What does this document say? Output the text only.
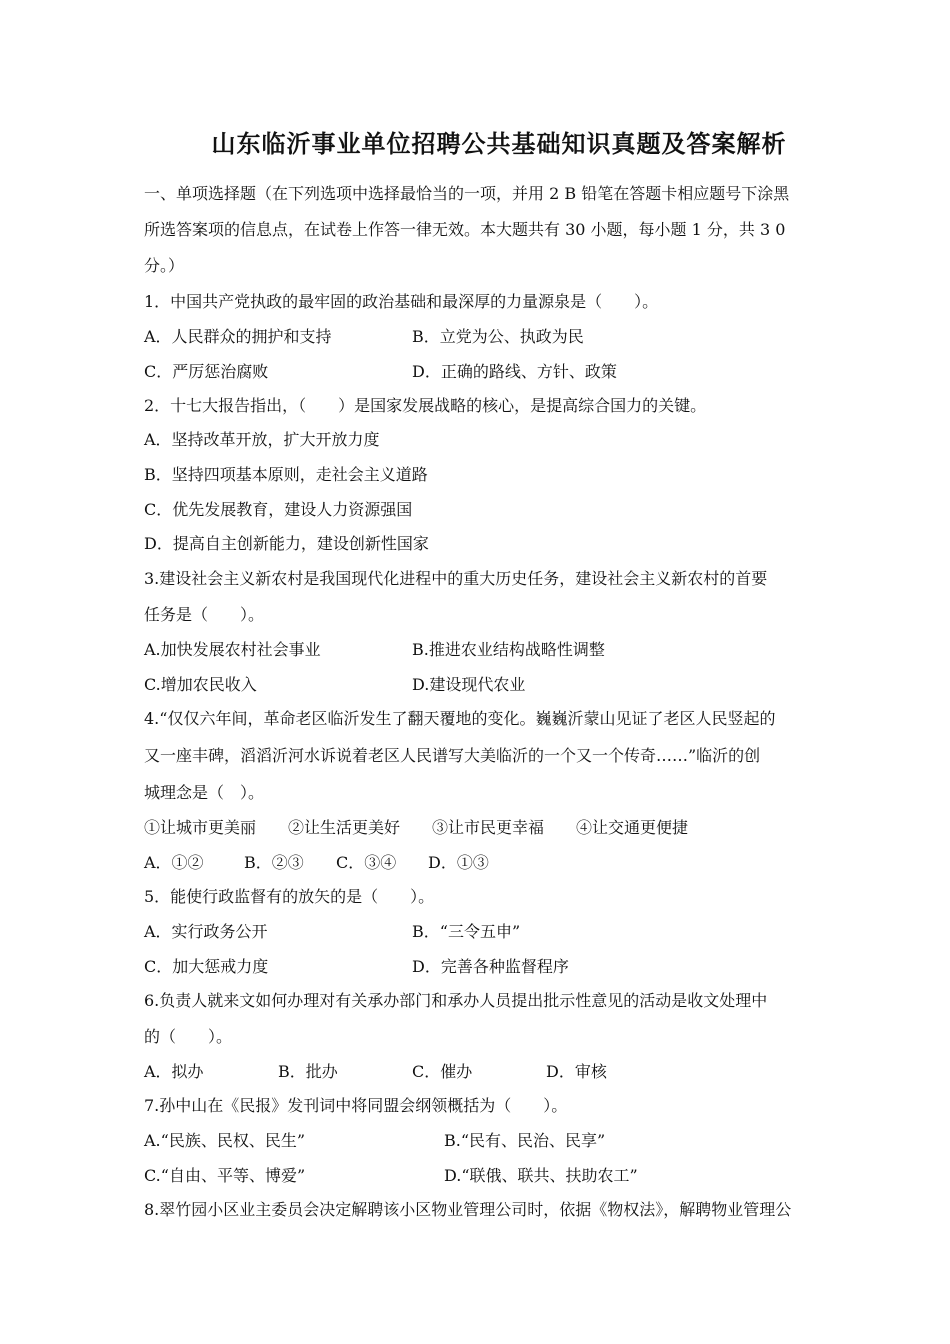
山东临沂事业单位招聘公共基础知识真题及答案解析
一、单项选择题（在下列选项中选择最恰当的一项，并用 2 B 铅笔在答题卡相应题号下涂黑
所选答案项的信息点，在试卷上作答一律无效。本大题共有 30 小题，每小题 1 分，共 3 0
分。）
1．中国共产党执政的最牢固的政治基础和最深厚的力量源泉是（　　）。
A．人民群众的拥护和支持	B．立党为公、执政为民
C．严厉惩治腐败	D．正确的路线、方针、政策
2．十七大报告指出，（　　）是国家发展战略的核心，是提高综合国力的关键。
A．坚持改革开放，扩大开放力度
B．坚持四项基本原则，走社会主义道路
C．优先发展教育，建设人力资源强国
D．提高自主创新能力，建设创新性国家
3.建设社会主义新农村是我国现代化进程中的重大历史任务，建设社会主义新农村的首要
任务是（　　）。
A.加快发展农村社会事业	B.推进农业结构战略性调整
C.增加农民收入	D.建设现代农业
4.“仅仅六年间，革命老区临沂发生了翻天覆地的变化。巍巍沂蒙山见证了老区人民竖起的
又一座丰碑，滔滔沂河水诉说着老区人民谱写大美临沂的一个又一个传奇……”临沂的创
城理念是（　）。
①让城市更美丽　　②让生活更美好　　③让市民更幸福　　④让交通更便捷
A．①②	B．②③ C．③④ D．①③
5．能使行政监督有的放矢的是（　　）。
A．实行政务公开	B．“三令五申”
C．加大惩戒力度	D．完善各种监督程序
6.负责人就来文如何办理对有关承办部门和承办人员提出批示性意见的活动是收文处理中
的（　　）。
A．拟办	B．批办	C．催办	D．审核
7.孙中山在《民报》发刊词中将同盟会纲领概括为（　　）。
A.“民族、民权、民生”	B.“民有、民治、民享”
C.“自由、平等、博爱”	D.“联俄、联共、扶助农工”
8.翠竹园小区业主委员会决定解聘该小区物业管理公司时，依据《物权法》，解聘物业管理公
